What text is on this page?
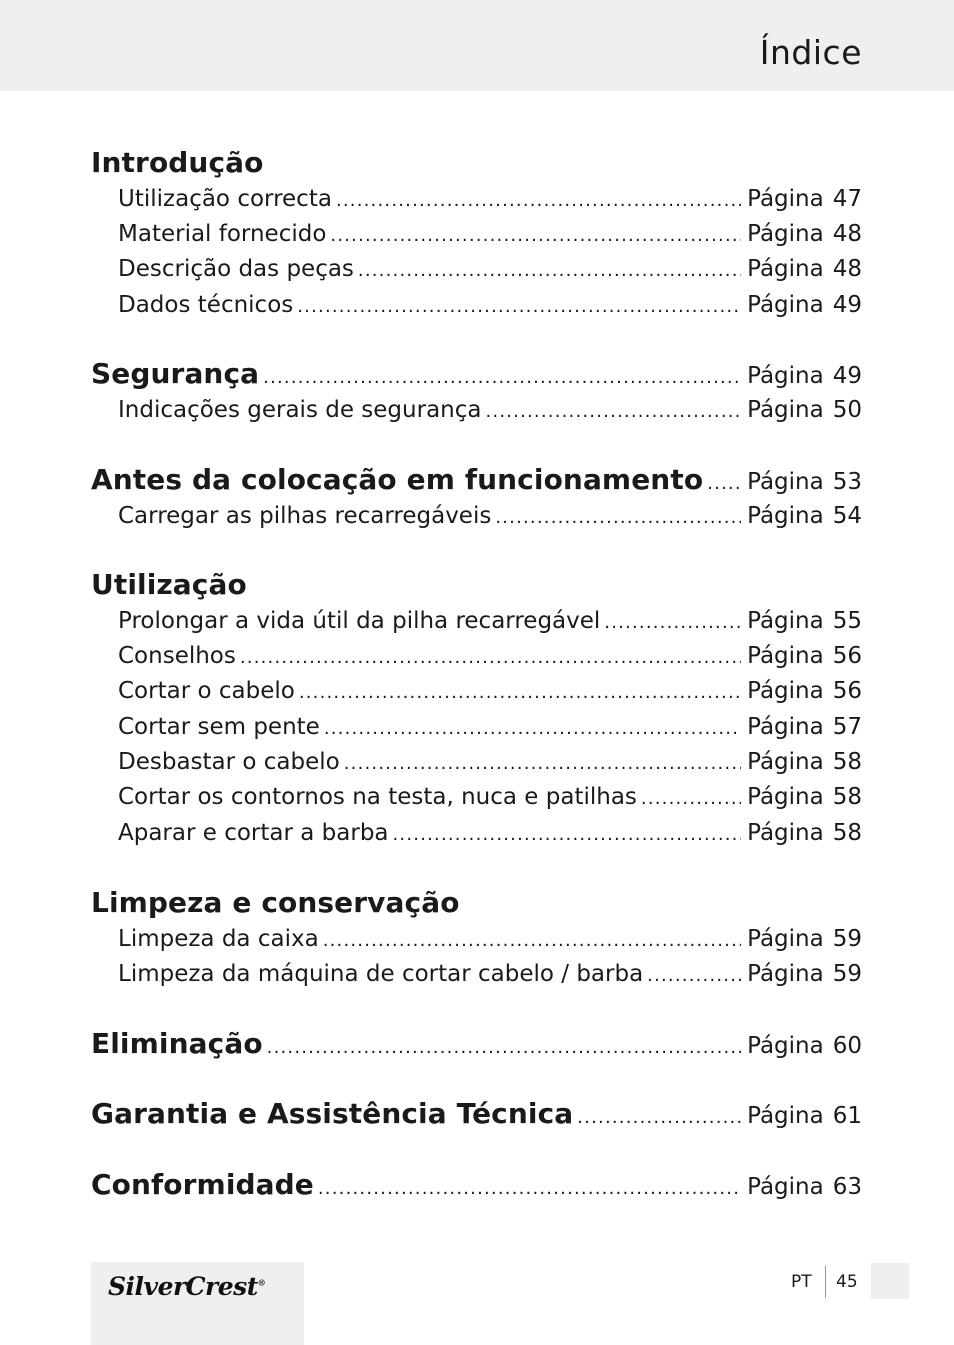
Índice
Introdução
Utilização correcta .....	Página 47
Material fornecido .....	Página 48
Descrição das peças .....	Página 48
Dados técnicos .....	Página 49
Segurança .....	Página 49
Indicações gerais de segurança .....	Página 50
Antes da colocação em funcionamento ..... Página 53
Carregar as pilhas recarregáveis .....	Página 54
Utilização
Prolongar a vida útil da pilha recarregável .....	Página 55
Conselhos .....	Página 56
Cortar o cabelo .....	Página 56
Cortar sem pente .....	Página 57
Desbastar o cabelo .....	Página 58
Cortar os contornos na testa, nuca e patilhas .....	Página 58
Aparar e cortar a barba .....	Página 58
Limpeza e conservação
Limpeza da caixa .....	Página 59
Limpeza da máquina de cortar cabelo / barba .....	Página 59
Eliminação .....	Página 60
Garantia e Assistência Técnica .....	Página 61
Conformidade .....	Página 63
SilverCrest®	PT 45
